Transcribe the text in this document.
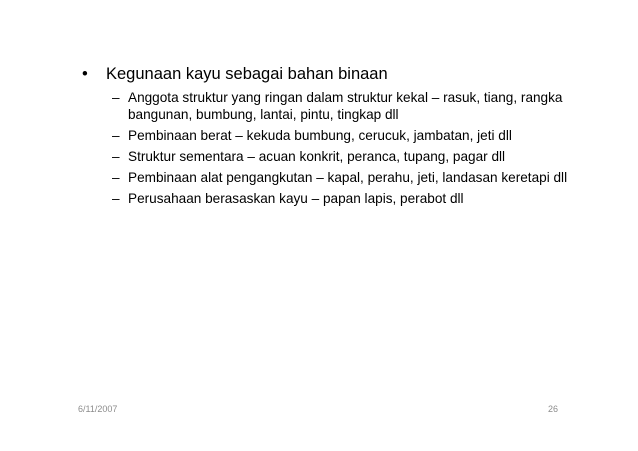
•	Kegunaan kayu sebagai bahan binaan
– Anggota struktur yang ringan dalam struktur kekal – rasuk, tiang, rangka bangunan, bumbung, lantai, pintu, tingkap dll
– Pembinaan berat – kekuda bumbung, cerucuk, jambatan, jeti dll
– Struktur sementara – acuan konkrit, peranca, tupang, pagar dll
– Pembinaan alat pengangkutan – kapal, perahu, jeti, landasan keretapi dll
– Perusahaan berasaskan kayu – papan lapis, perabot dll
6/11/2007	26
